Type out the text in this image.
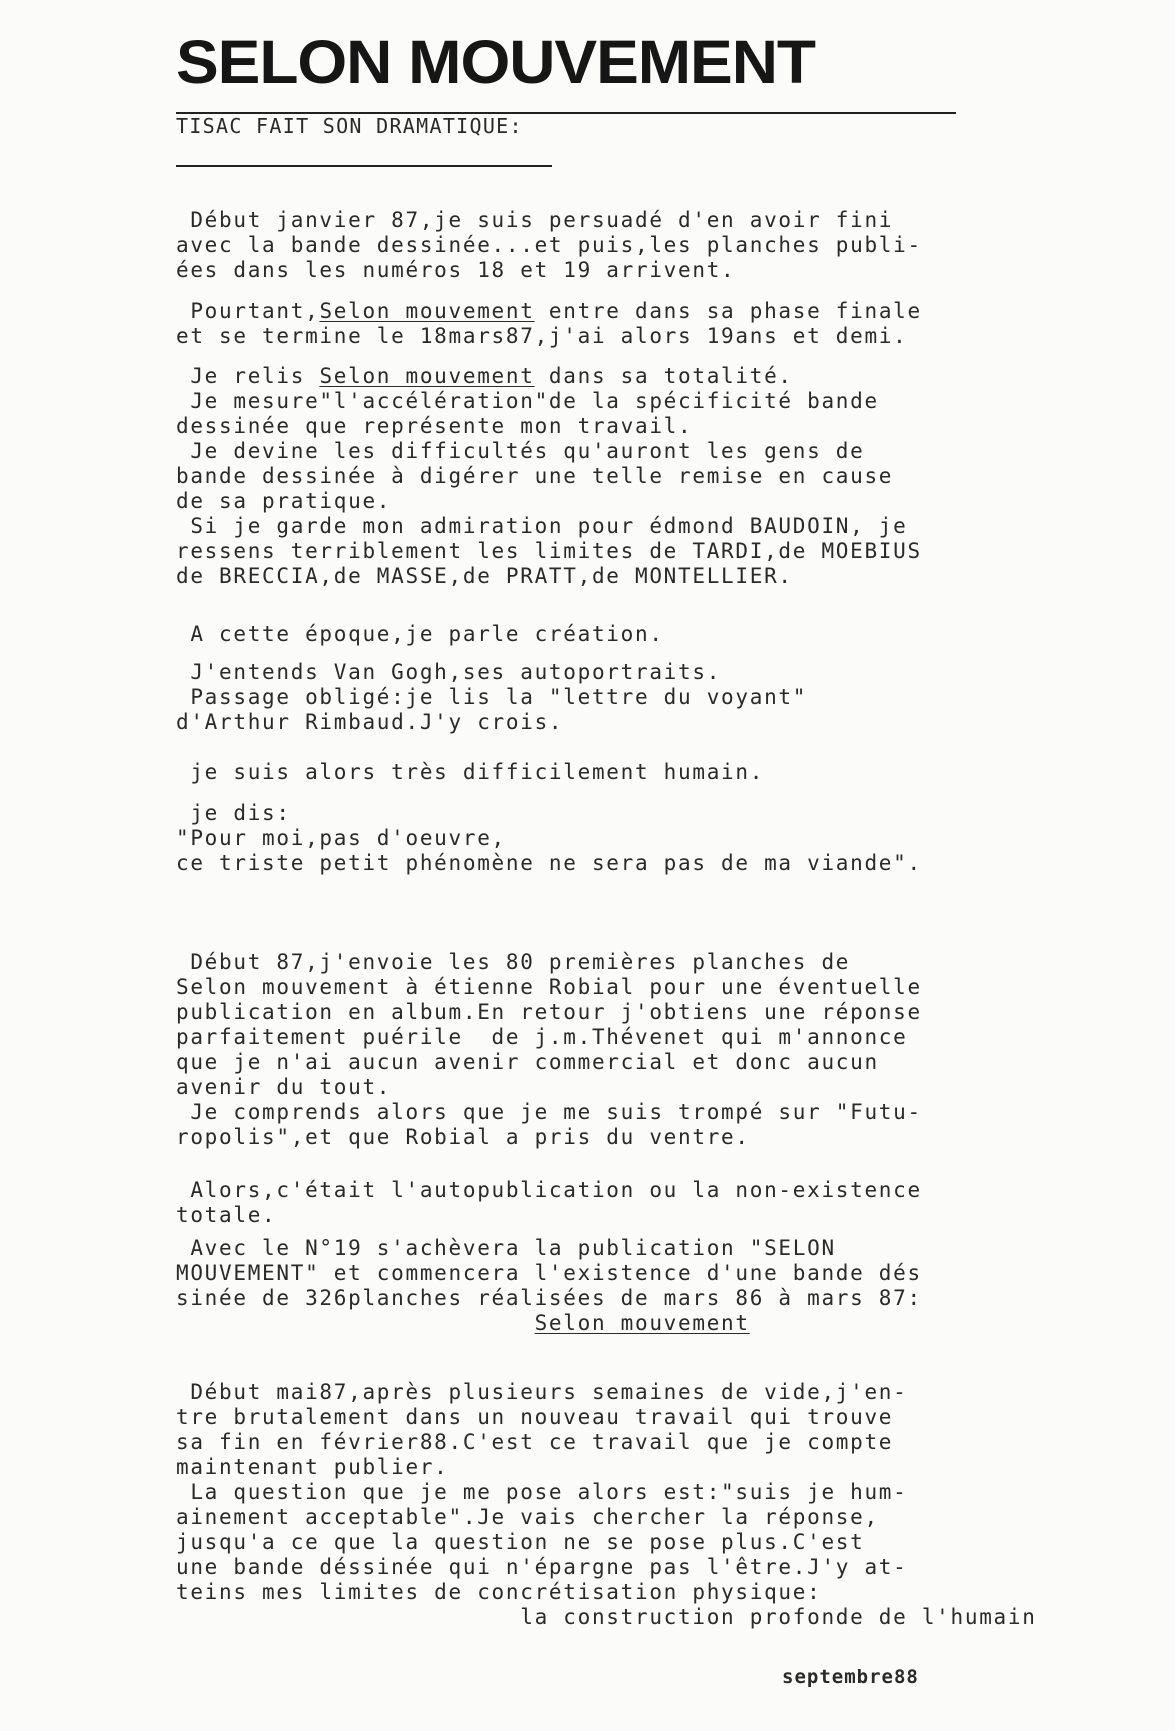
SELON MOUVEMENT
TISAC FAIT SON DRAMATIQUE:

Début janvier 87,je suis persuadé d'en avoir fini
avec la bande dessinée...et puis,les planches publi-
ées dans les numéros 18 et 19 arrivent.

Pourtant,Selon mouvement entre dans sa phase finale
et se termine le 18mars87,j'ai alors 19ans et demi.

Je relis Selon mouvement dans sa totalité.
Je mesure"l'accélération"de la spécificité bande
dessinée que représente mon travail.
Je devine les difficultés qu'auront les gens de
bande dessinée à digérer une telle remise en cause
de sa pratique.
Si je garde mon admiration pour édmond BAUDOIN, je
ressens terriblement les limites de TARDI,de MOEBIUS
de BRECCIA,de MASSE,de PRATT,de MONTELLIER.

A cette époque,je parle création.

J'entends Van Gogh,ses autoportraits.
Passage obligé:je lis la "lettre du voyant"
d'Arthur Rimbaud.J'y crois.

je suis alors très difficilement humain.

je dis:
"Pour moi,pas d'oeuvre,
ce triste petit phénomène ne sera pas de ma viande".

Début 87,j'envoie les 80 premières planches de
Selon mouvement à étienne Robial pour une éventuelle
publication en album.En retour j'obtiens une réponse
parfaitement puérile  de j.m.Thévenet qui m'annonce
que je n'ai aucun avenir commercial et donc aucun
avenir du tout.
Je comprends alors que je me suis trompé sur "Futu-
ropolis",et que Robial a pris du ventre.

Alors,c'était l'autopublication ou la non-existence
totale.

Avec le N°19 s'achèvera la publication "SELON
MOUVEMENT" et commencera l'existence d'une bande dés
sinée de 326planches réalisées de mars 86 à mars 87:
Selon mouvement

Début mai87,après plusieurs semaines de vide,j'en-
tre brutalement dans un nouveau travail qui trouve
sa fin en février88.C'est ce travail que je compte
maintenant publier.
La question que je me pose alors est:"suis je hum-
ainement acceptable".Je vais chercher la réponse,
jusqu'a ce que la question ne se pose plus.C'est
une bande déssinée qui n'épargne pas l'être.J'y at-
teins mes limites de concrétisation physique:
la construction profonde de l'humain

septembre88
